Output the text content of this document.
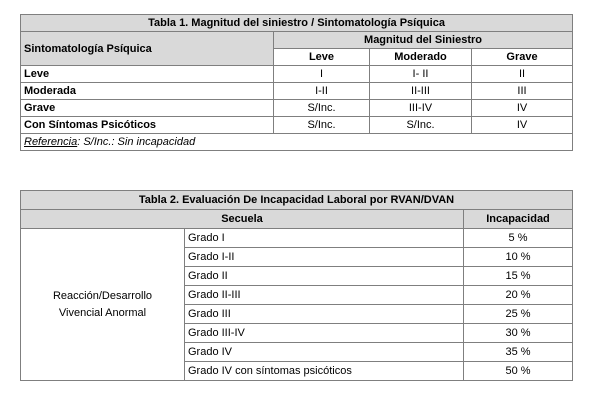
Tabla 1. Magnitud del siniestro / Sintomatología Psíquica			
Sintomatología Psíquica	Magnitud del Siniestro		
	Leve	Moderado	Grave
Leve	I	I- II	II
Moderada	I-II	II-III	III
Grave	S/Inc.	III-IV	IV
Con Síntomas Psicóticos	S/Inc.	S/Inc.	IV
Referencia: S/Inc.: Sin incapacidad			
Tabla 2. Evaluación De Incapacidad Laboral por RVAN/DVAN		
Secuela		Incapacidad
Reacción/Desarrollo
Vivencial Anormal	Grado I	5 %
	Grado I-II	10 %
	Grado II	15 %
	Grado II-III	20 %
	Grado III	25 %
	Grado III-IV	30 %
	Grado IV	35 %
	Grado IV con síntomas psicóticos	50 %
